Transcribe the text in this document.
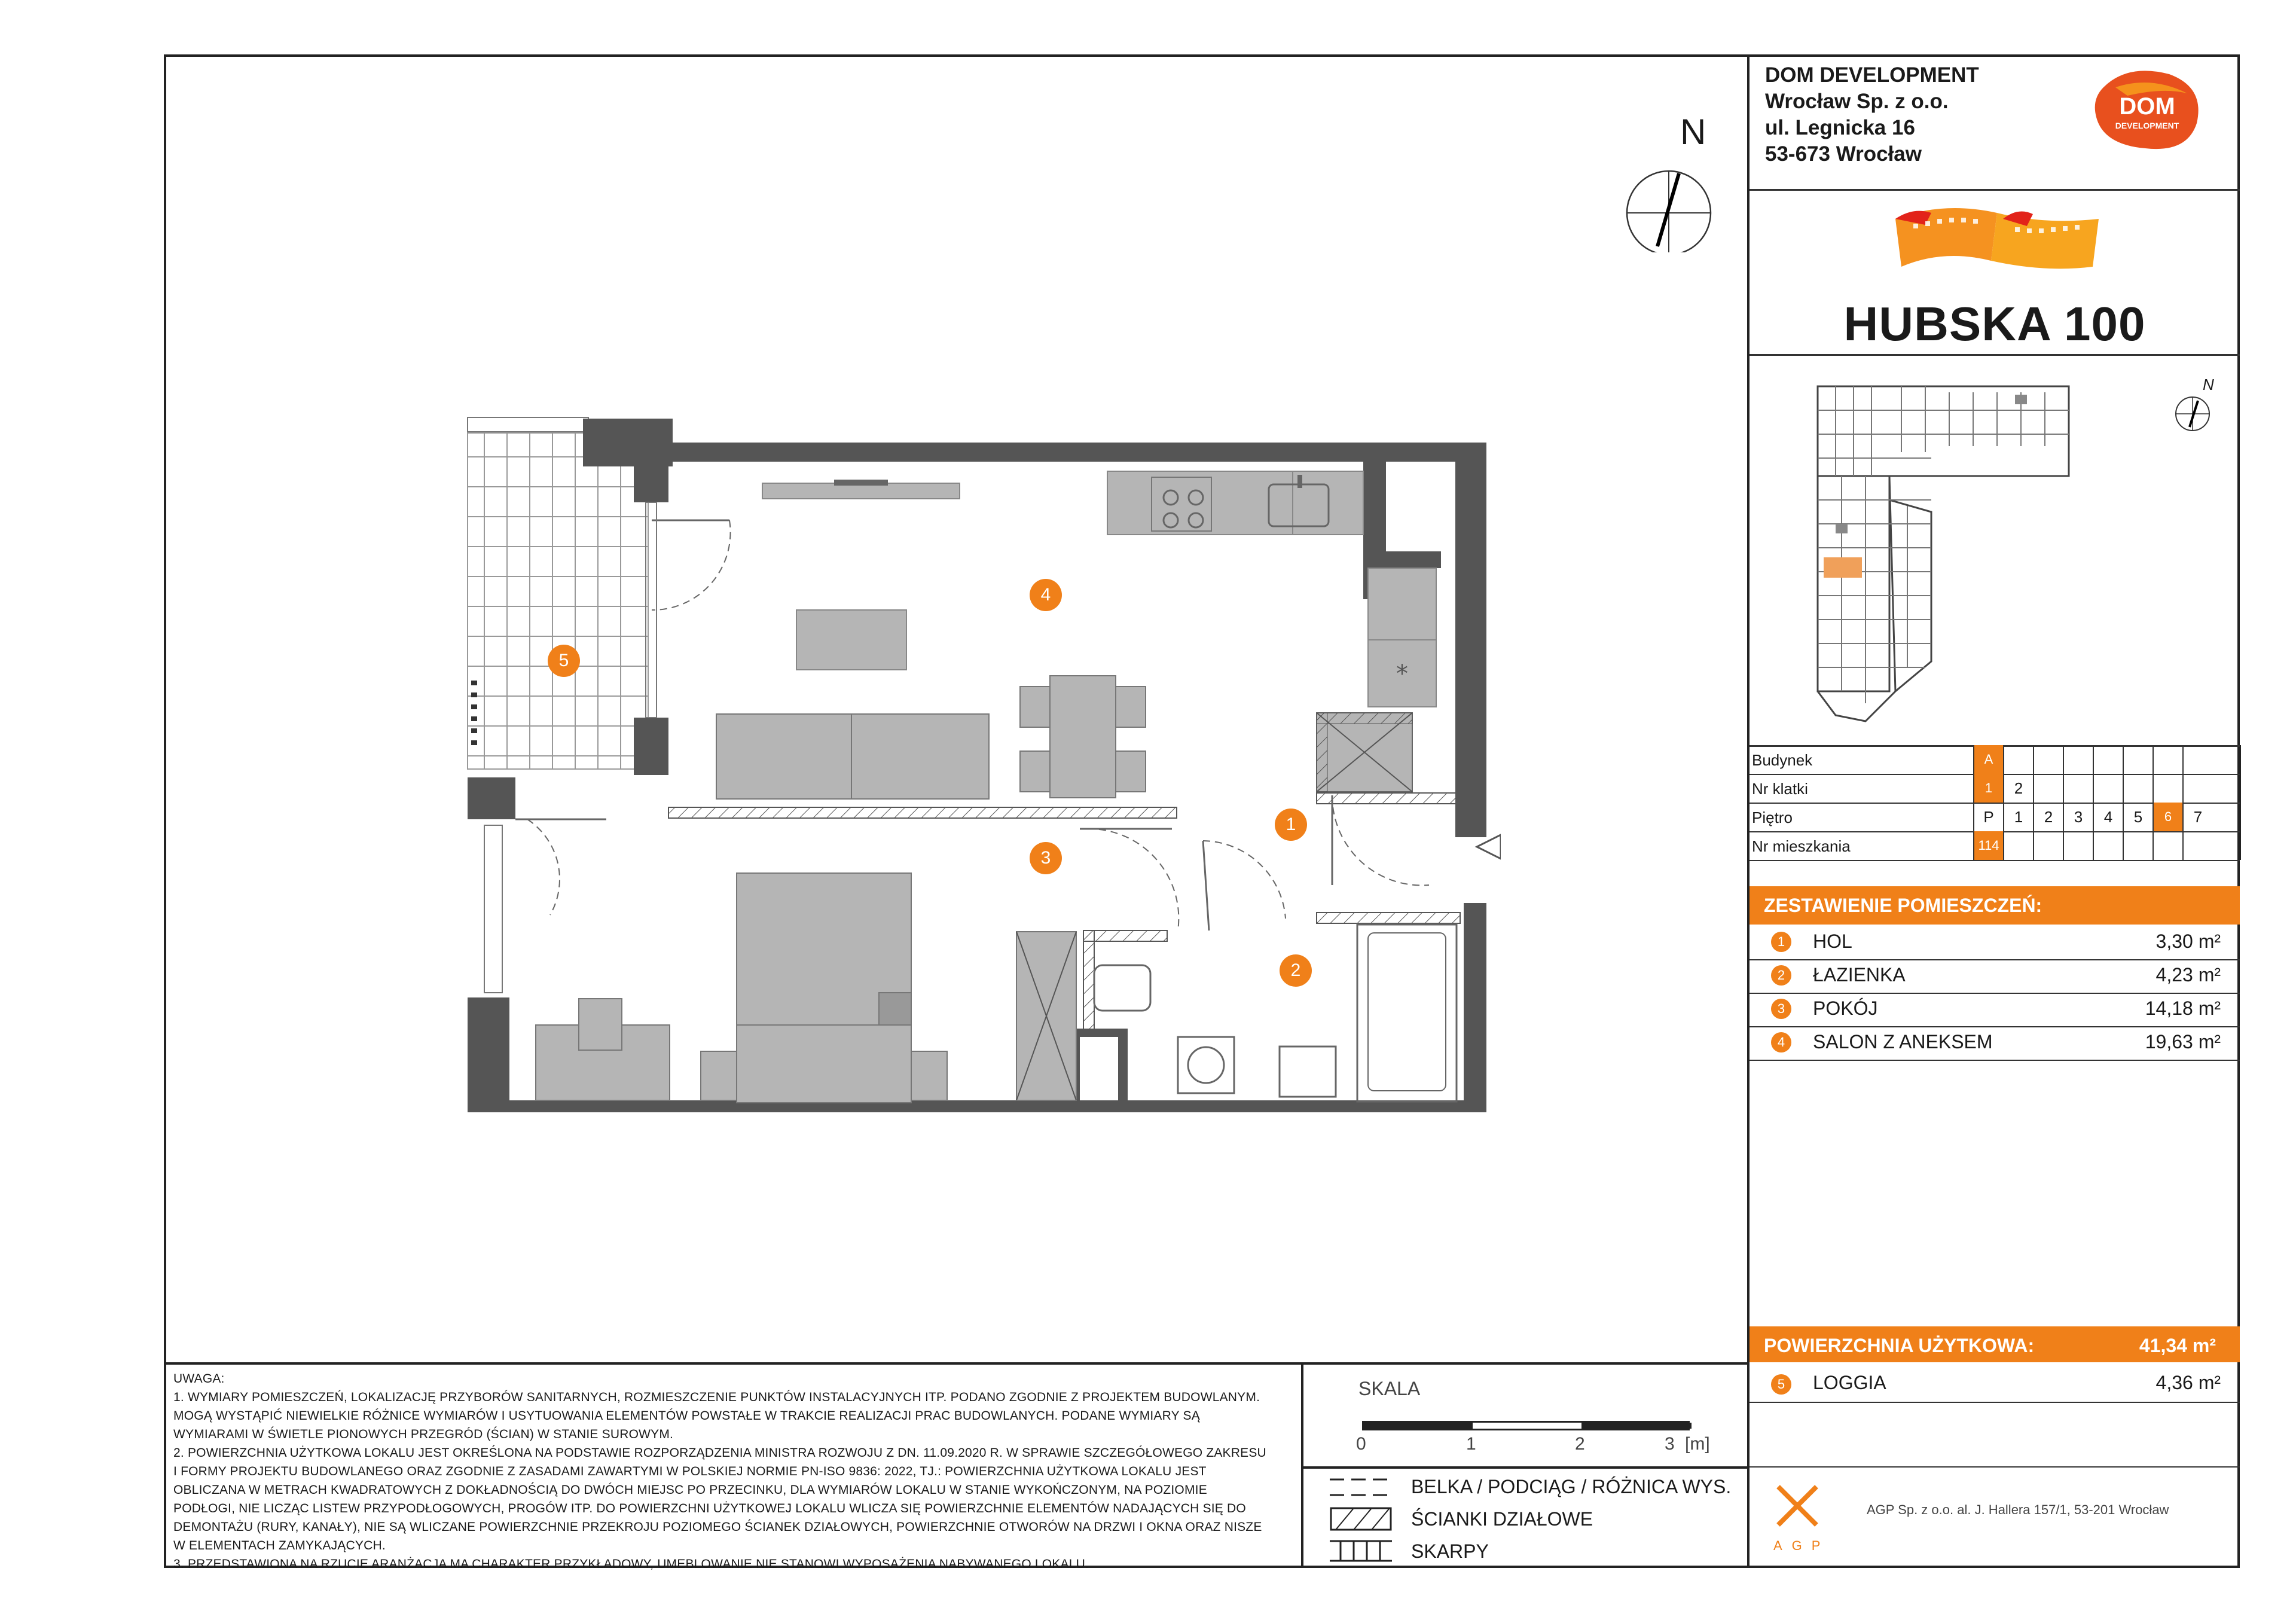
DOM DEVELOPMENT
Wrocław Sp. z o.o.
ul. Legnicka 16
53-673 Wrocław
DOM
DEVELOPMENT
HUBSKA 100
N
Budynek	A
Nr klatki	1	2
Piętro	P	1	2	3	4	5	6	7
Nr mieszkania	114
ZESTAWIENIE POMIESZCZEŃ:
1	HOL	3,30 m²
2	ŁAZIENKA	4,23 m²
3	POKÓJ	14,18 m²
4	SALON Z ANEKSEM	19,63 m²
POWIERZCHNIA UŻYTKOWA:	41,34 m²
5	LOGGIA	4,36 m²
AGP
AGP Sp. z o.o. al. J. Hallera 157/1, 53-201 Wrocław
UWAGA:
1. WYMIARY POMIESZCZEŃ, LOKALIZACJĘ PRZYBORÓW SANITARNYCH, ROZMIESZCZENIE PUNKTÓW INSTALACYJNYCH ITP. PODANO ZGODNIE Z PROJEKTEM BUDOWLANYM.
MOGĄ WYSTĄPIĆ NIEWIELKIE RÓŻNICE WYMIARÓW I USYTUOWANIA ELEMENTÓW POWSTAŁE W TRAKCIE REALIZACJI PRAC BUDOWLANYCH. PODANE WYMIARY SĄ
WYMIARAMI W ŚWIETLE PIONOWYCH PRZEGRÓD (ŚCIAN) W STANIE SUROWYM.
2. POWIERZCHNIA UŻYTKOWA LOKALU JEST OKREŚLONA NA PODSTAWIE ROZPORZĄDZENIA MINISTRA ROZWOJU Z DN. 11.09.2020 R. W SPRAWIE SZCZEGÓŁOWEGO ZAKRESU
I FORMY PROJEKTU BUDOWLANEGO ORAZ ZGODNIE Z ZASADAMI ZAWARTYMI W POLSKIEJ NORMIE PN-ISO 9836: 2022, TJ.: POWIERZCHNIA UŻYTKOWA LOKALU JEST
OBLICZANA W METRACH KWADRATOWYCH Z DOKŁADNOŚCIĄ DO DWÓCH MIEJSC PO PRZECINKU, DLA WYMIARÓW LOKALU W STANIE WYKOŃCZONYM, NA POZIOMIE
PODŁOGI, NIE LICZĄC LISTEW PRZYPODŁOGOWYCH, PROGÓW ITP. DO POWIERZCHNI UŻYTKOWEJ LOKALU WLICZA SIĘ POWIERZCHNIE ELEMENTÓW NADAJĄCYCH SIĘ DO
DEMONTAŻU (RURY, KANAŁY), NIE SĄ WLICZANE POWIERZCHNIE PRZEKROJU POZIOMEGO ŚCIANEK DZIAŁOWYCH, POWIERZCHNIE OTWORÓW NA DRZWI I OKNA ORAZ NISZE
W ELEMENTACH ZAMYKAJĄCYCH.
3. PRZEDSTAWIONA NA RZUCIE ARANŻACJA MA CHARAKTER PRZYKŁADOWY, UMEBLOWANIE NIE STANOWI WYPOSAŻENIA NABYWANEGO LOKALU.
SKALA
0	1	2	3 [m]
BELKA / PODCIĄG / RÓŻNICA WYS.
ŚCIANKI DZIAŁOWE
SKARPY
N
*
1
2
3
4
5
